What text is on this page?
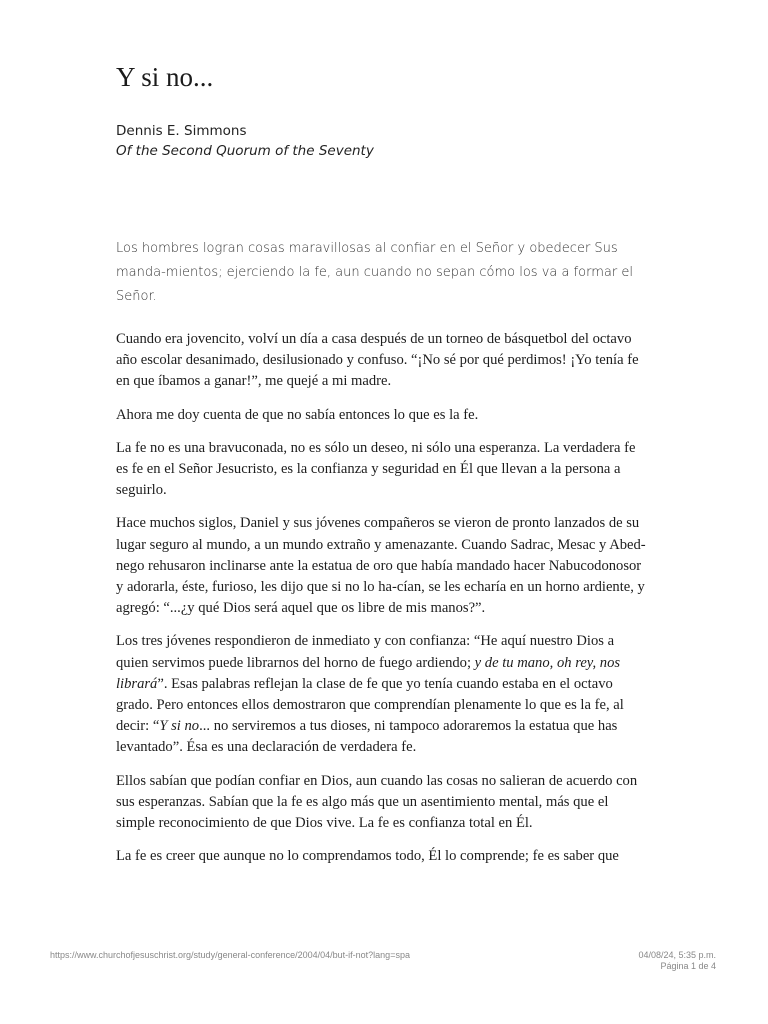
Y si no...
Dennis E. Simmons
Of the Second Quorum of the Seventy

Los hombres logran cosas maravillosas al confiar en el Señor y obedecer Sus manda-mientos; ejerciendo la fe, aun cuando no sepan cómo los va a formar el Señor.

Cuando era jovencito, volví un día a casa después de un torneo de básquetbol del octavo año escolar desanimado, desilusionado y confuso. “¡No sé por qué perdimos! ¡Yo tenía fe en que íbamos a ganar!”, me quejé a mi madre.

Ahora me doy cuenta de que no sabía entonces lo que es la fe.

La fe no es una bravuconada, no es sólo un deseo, ni sólo una esperanza. La verdadera fe es fe en el Señor Jesucristo, es la confianza y seguridad en Él que llevan a la persona a seguirlo.

Hace muchos siglos, Daniel y sus jóvenes compañeros se vieron de pronto lanzados de su lugar seguro al mundo, a un mundo extraño y amenazante. Cuando Sadrac, Mesac y Abed-nego rehusaron inclinarse ante la estatua de oro que había mandado hacer Nabucodonosor y adorarla, éste, furioso, les dijo que si no lo ha-cían, se les echaría en un horno ardiente, y agregó: “...¿y qué Dios será aquel que os libre de mis manos?”.

Los tres jóvenes respondieron de inmediato y con confianza: “He aquí nuestro Dios a quien servimos puede librarnos del horno de fuego ardiendo; y de tu mano, oh rey, nos librará”. Esas palabras reflejan la clase de fe que yo tenía cuando estaba en el octavo grado. Pero entonces ellos demostraron que comprendían plenamente lo que es la fe, al decir: “Y si no... no serviremos a tus dioses, ni tampoco adoraremos la estatua que has levantado”. Ésa es una declaración de verdadera fe.

Ellos sabían que podían confiar en Dios, aun cuando las cosas no salieran de acuerdo con sus esperanzas. Sabían que la fe es algo más que un asentimiento mental, más que el simple reconocimiento de que Dios vive. La fe es confianza total en Él.

La fe es creer que aunque no lo comprendamos todo, Él lo comprende; fe es saber que

https://www.churchofjesuschrist.org/study/general-conference/2004/04/but-if-not?lang=spa	04/08/24, 5:35 p.m.
Página 1 de 4
